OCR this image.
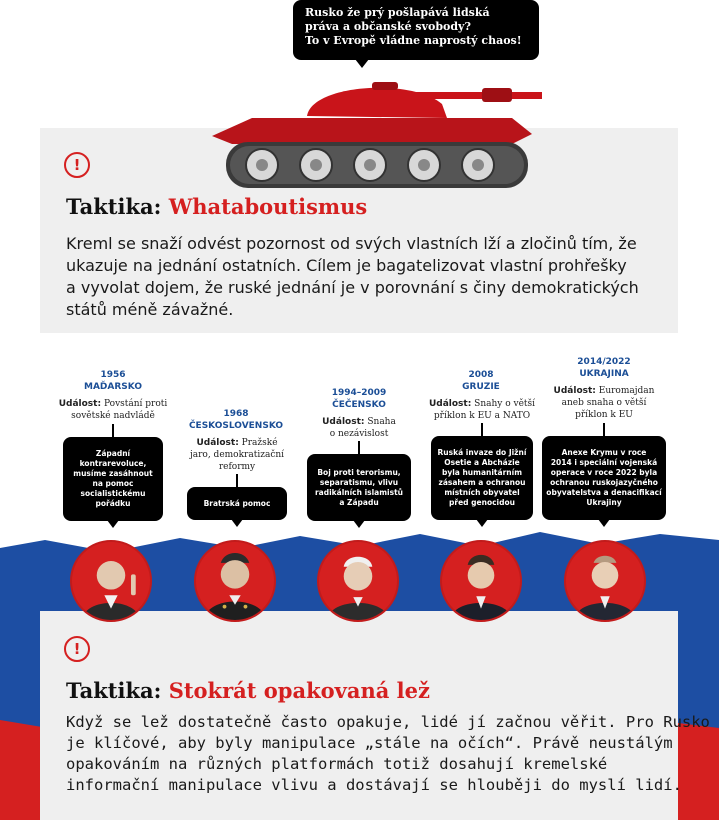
Rusko že prý pošlapává lidská
práva a občanské svobody?
To v Evropě vládne naprostý chaos!
!
Taktika: Whataboutismus
Kreml se snaží odvést pozornost od svých vlastních lží a zločinů tím, že
ukazuje na jednání ostatních. Cílem je bagatelizovat vlastní prohřešky
a vyvolat dojem, že ruské jednání je v porovnání s činy demokratických
států méně závažné.
1956
MAĎARSKO
Událost: Povstání proti
sovětské nadvládě
Západní
kontrarevoluce,
musíme zasáhnout
na pomoc
socialistickému
pořádku
1968
ČESKOSLOVENSKO
Událost: Pražské
jaro, demokratizační
reformy
Bratrská pomoc
1994–2009
ČEČENSKO
Událost: Snaha
o nezávislost
Boj proti terorismu,
separatismu, vlivu
radikálních islamistů
a Západu
2008
GRUZIE
Událost: Snahy o větší
příklon k EU a NATO
Ruská invaze do Jižní
Osetie a Abcházie
byla humanitárním
zásahem a ochranou
místních obyvatel
před genocidou
2014/2022
UKRAJINA
Událost: Euromajdan
aneb snaha o větší
příklon k EU
Anexe Krymu v roce
2014 i speciální vojenská
operace v roce 2022 byla
ochranou ruskojazyčného
obyvatelstva a denacifikací
Ukrajiny
!
Taktika: Stokrát opakovaná lež
Když se lež dostatečně často opakuje, lidé jí začnou věřit. Pro Rusko
je klíčové, aby byly manipulace „stále na očích“. Právě neustálým
opakováním na různých platformách totiž dosahují kremelské
informační manipulace vlivu a dostávají se hlouběji do myslí lidí.
